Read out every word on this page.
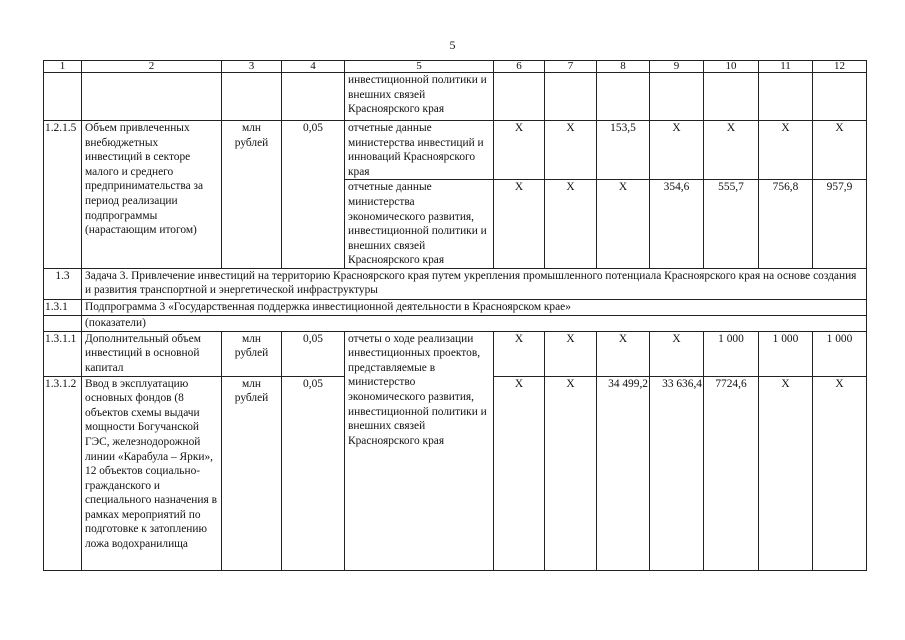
5
1	2	3	4	5	6	7	8	9	10	11	12
				инвестиционной политики и внешних связей Красноярского края							
1.2.1.5	Объем привлеченных внебюджетных инвестиций в секторе малого и среднего предпринимательства за период реализации подпрограммы (нарастающим итогом)	млн рублей	0,05	отчетные данные министерства инвестиций и инноваций Красноярского края	Х	Х	153,5	Х	Х	Х	Х
				отчетные данные министерства экономического развития, инвестиционной политики и внешних связей Красноярского края	Х	Х	Х	354,6	555,7	756,8	957,9
1.3	Задача 3. Привлечение инвестиций на территорию Красноярского края путем укрепления промышленного потенциала Красноярского края на основе создания и развития транспортной и энергетической инфраструктуры										
1.3.1	Подпрограмма 3 «Государственная поддержка инвестиционной деятельности в Красноярском крае»										
	(показатели)										
1.3.1.1	Дополнительный объем инвестиций в основной капитал	млн рублей	0,05	отчеты о ходе реализации инвестиционных проектов, представляемые в министерство экономического развития, инвестиционной политики и внешних связей Красноярского края	Х	Х	Х	Х	1 000	1 000	1 000
1.3.1.2	Ввод в эксплуатацию основных фондов (8 объектов схемы выдачи мощности Богучанской ГЭС, железнодорожной линии «Карабула – Ярки», 12 объектов социально-гражданского и специального назначения в рамках мероприятий по подготовке к затоплению ложа водохранилища	млн рублей	0,05		Х	Х	34 499,2	33 636,4	7724,6	Х	Х
